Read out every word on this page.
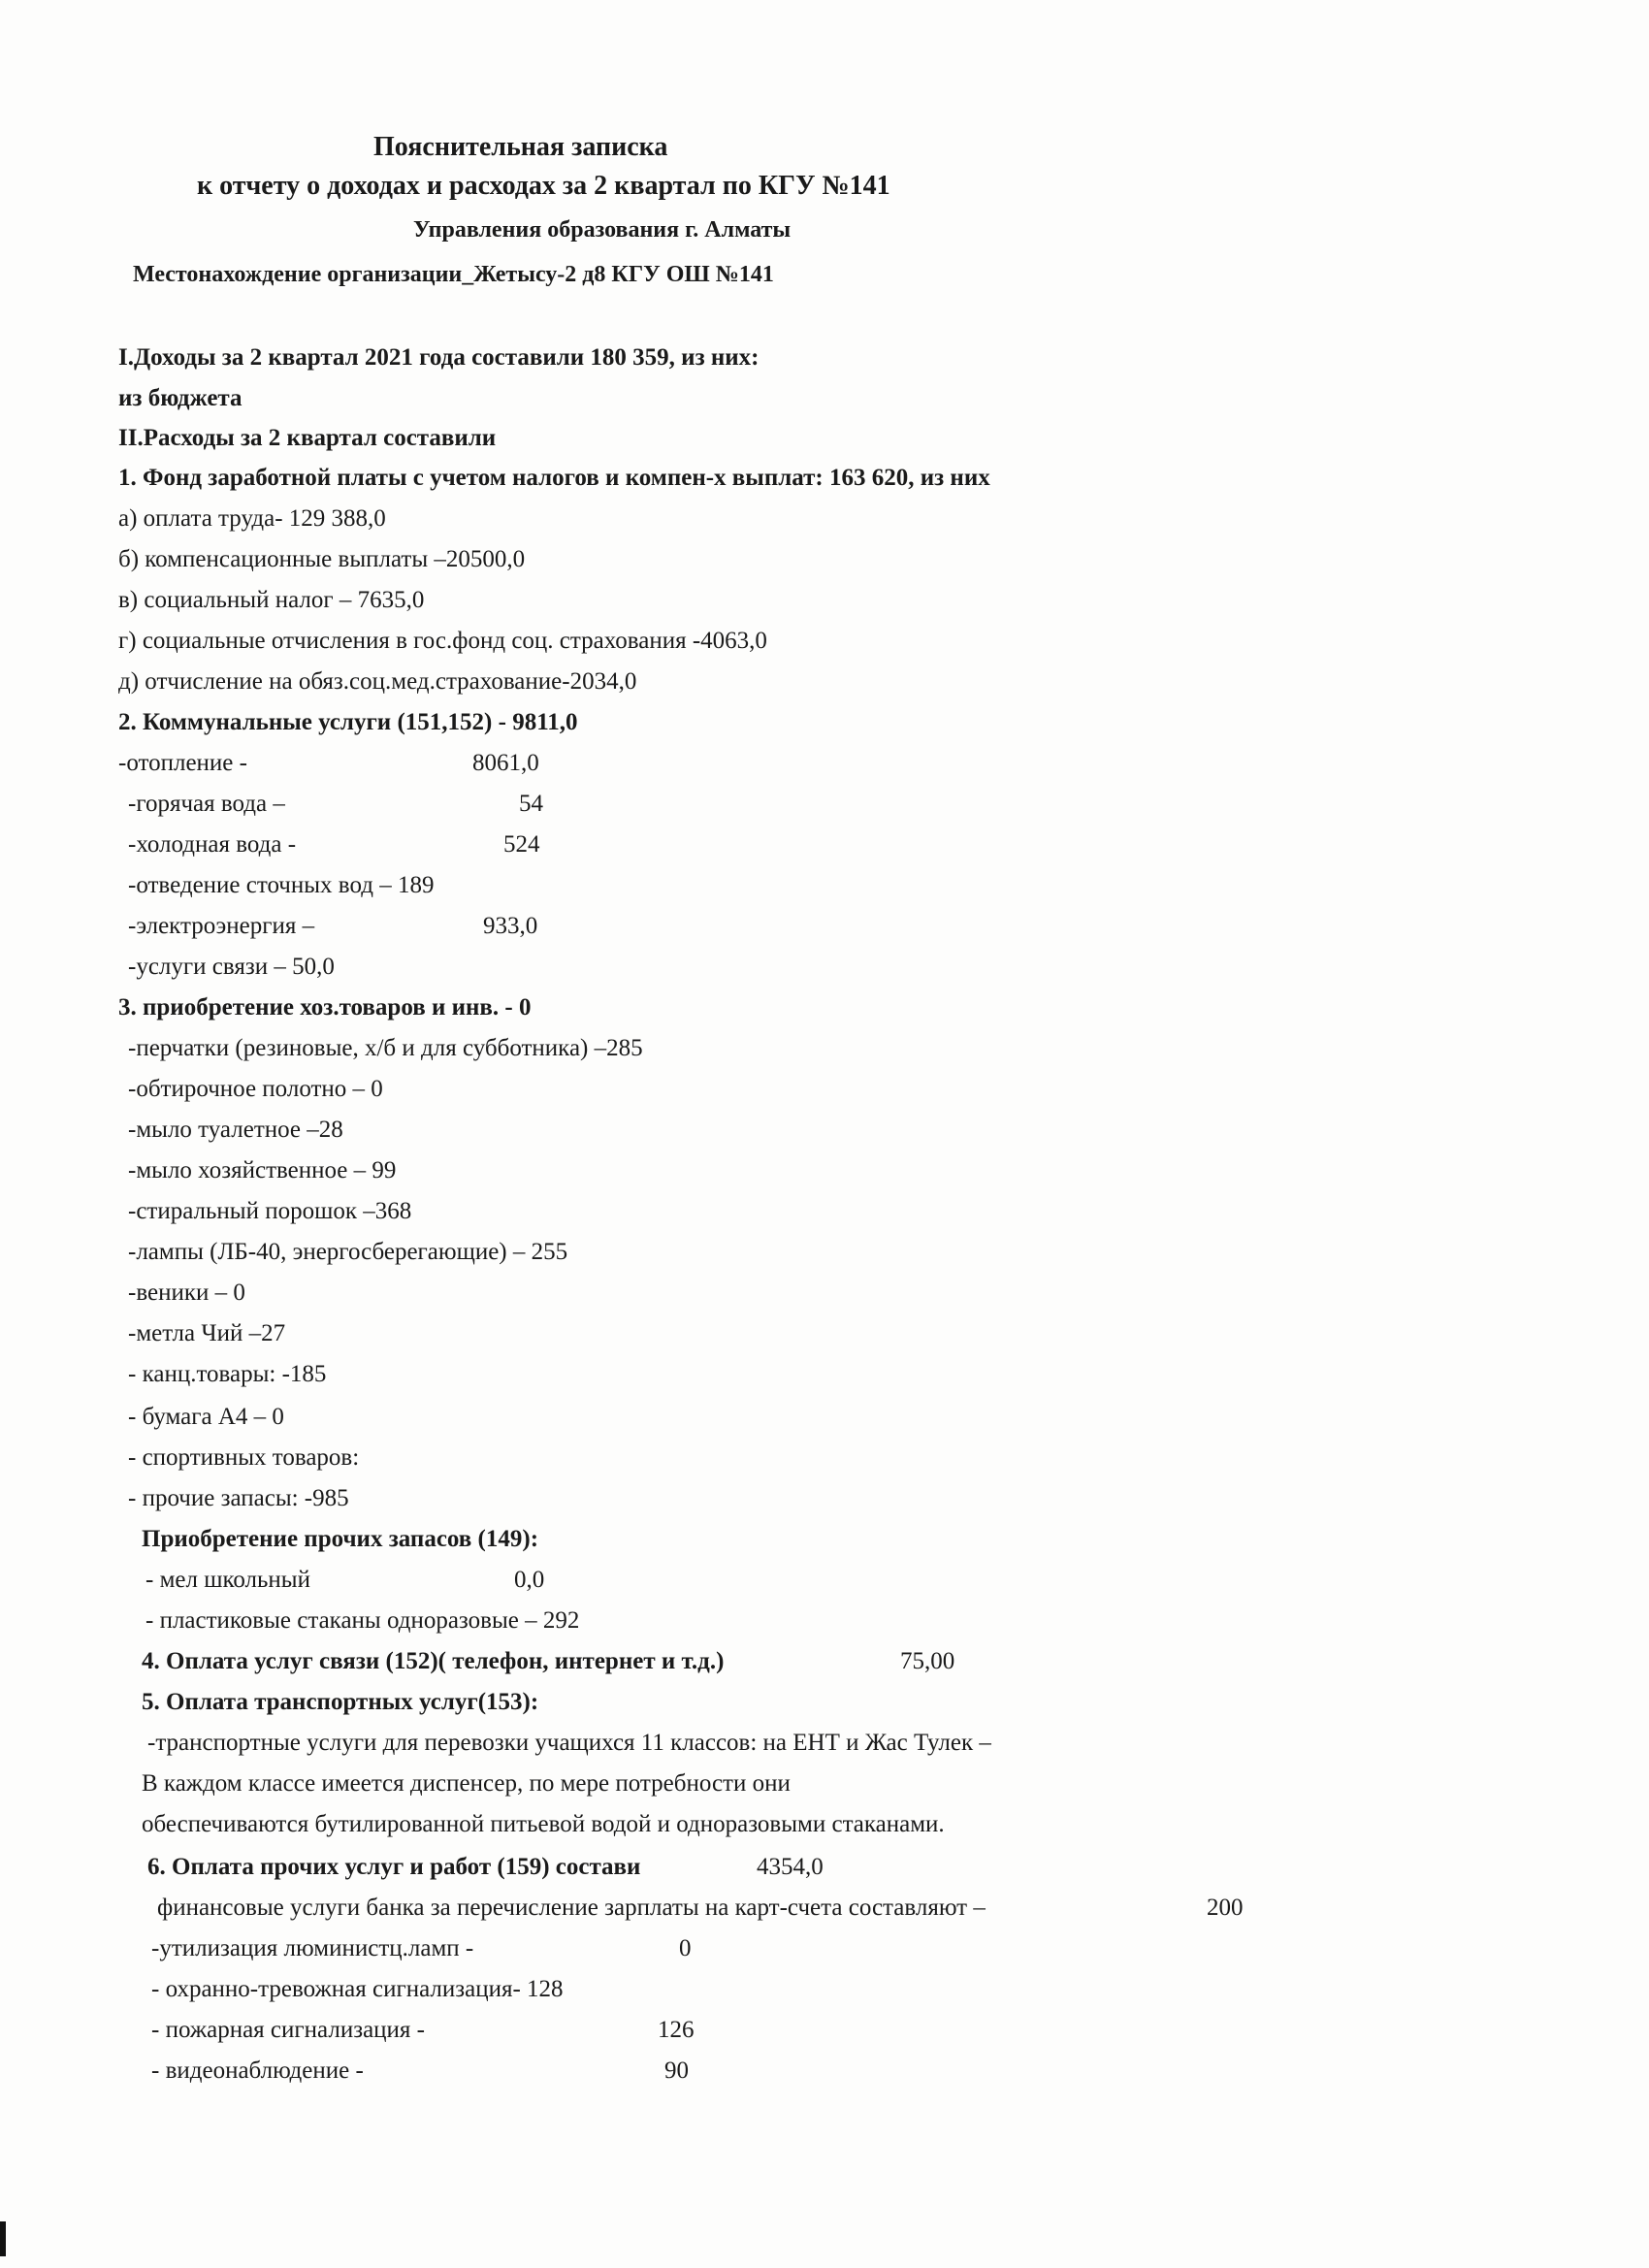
Пояснительная записка
к отчету о доходах и расходах за 2 квартал по КГУ №141
Управления образования г. Алматы
Местонахождение организации_Жетысу-2 д8 КГУ ОШ №141
I.Доходы за 2 квартал 2021 года составили 180 359, из них:
из бюджета
II.Расходы за 2 квартал составили
1. Фонд заработной платы с учетом налогов и компен-х выплат: 163 620, из них
а) оплата труда- 129 388,0
б) компенсационные выплаты –20500,0
в) социальный налог – 7635,0
г) социальные отчисления в гос.фонд соц. страхования -4063,0
д) отчисление на обяз.соц.мед.страхование-2034,0
2. Коммунальные услуги (151,152) - 9811,0
-отопление -	8061,0
-горячая вода –	54
-холодная вода -	524
-отведение сточных вод – 189
-электроэнергия –	933,0
-услуги связи – 50,0
3. приобретение хоз.товаров и инв. - 0
-перчатки (резиновые, х/б и для субботника) –285
-обтирочное полотно – 0
-мыло туалетное –28
-мыло хозяйственное – 99
-стиральный порошок –368
-лампы (ЛБ-40, энергосберегающие) – 255
-веники – 0
-метла Чий –27
- канц.товары: -185
- бумага А4 – 0
- спортивных товаров:
- прочие запасы: -985
Приобретение прочих запасов (149):
- мел школьный	0,0
- пластиковые стаканы одноразовые – 292
4. Оплата услуг связи (152)( телефон, интернет и т.д.)	75,00
5. Оплата транспортных услуг(153):
-транспортные услуги для перевозки учащихся 11 классов: на ЕНТ и Жас Тулек –
В каждом классе имеется диспенсер, по мере потребности они
обеспечиваются бутилированной питьевой водой и одноразовыми стаканами.
6. Оплата прочих услуг и работ (159) состави	4354,0
финансовые услуги банка за перечисление зарплаты на карт-счета составляют –	200
-утилизация люминистц.ламп -	0
- охранно-тревожная сигнализация- 128
- пожарная сигнализация -	126
- видеонаблюдение -	90
